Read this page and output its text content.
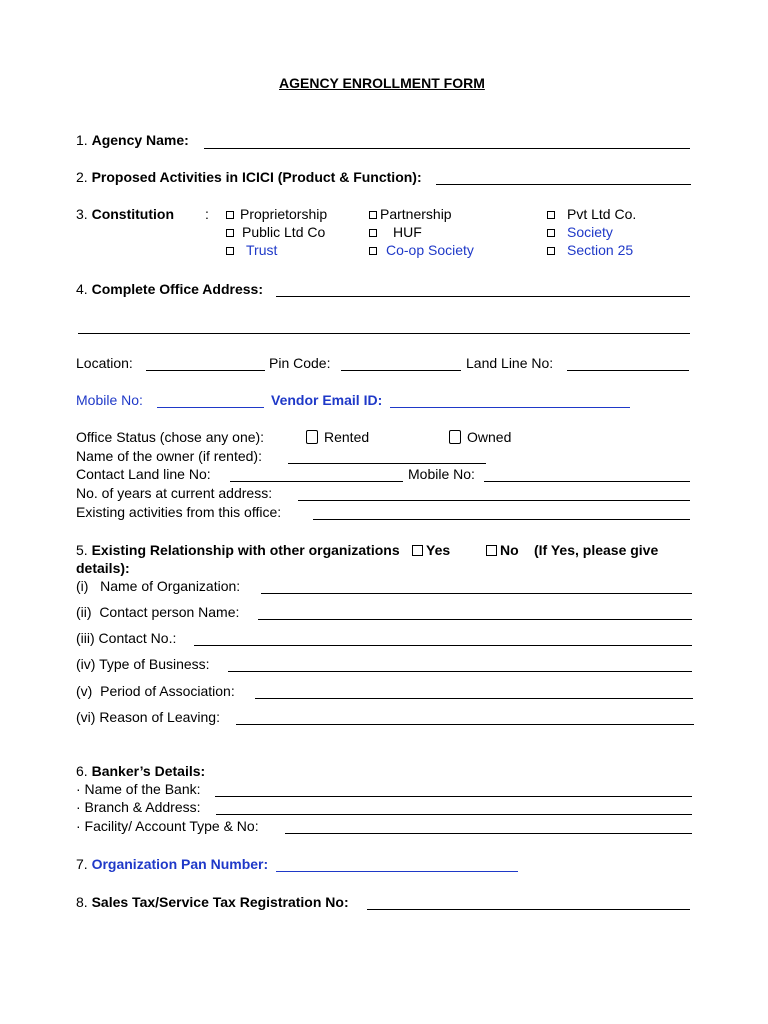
AGENCY ENROLLMENT FORM
1. Agency Name:
2. Proposed Activities in ICICI (Product & Function):
3. Constitution :	Proprietorship	Partnership	Pvt Ltd Co.
Public Ltd Co	HUF	Society
Trust	Co-op Society	Section 25
4. Complete Office Address:
Location:	Pin Code:	Land Line No:
Mobile No:	Vendor Email ID:
Office Status (chose any one):	Rented	Owned
Name of the owner (if rented):
Contact Land line No:	Mobile No:
No. of years at current address:
Existing activities from this office:
5. Existing Relationship with other organizations	Yes	No (If Yes, please give
details):
(i)   Name of Organization:
(ii)  Contact person Name:
(iii) Contact No.:
(iv) Type of Business:
(v)  Period of Association:
(vi) Reason of Leaving:
6. Banker’s Details:
· Name of the Bank:
· Branch & Address:
· Facility/ Account Type & No:
7. Organization Pan Number:
8. Sales Tax/Service Tax Registration No:
